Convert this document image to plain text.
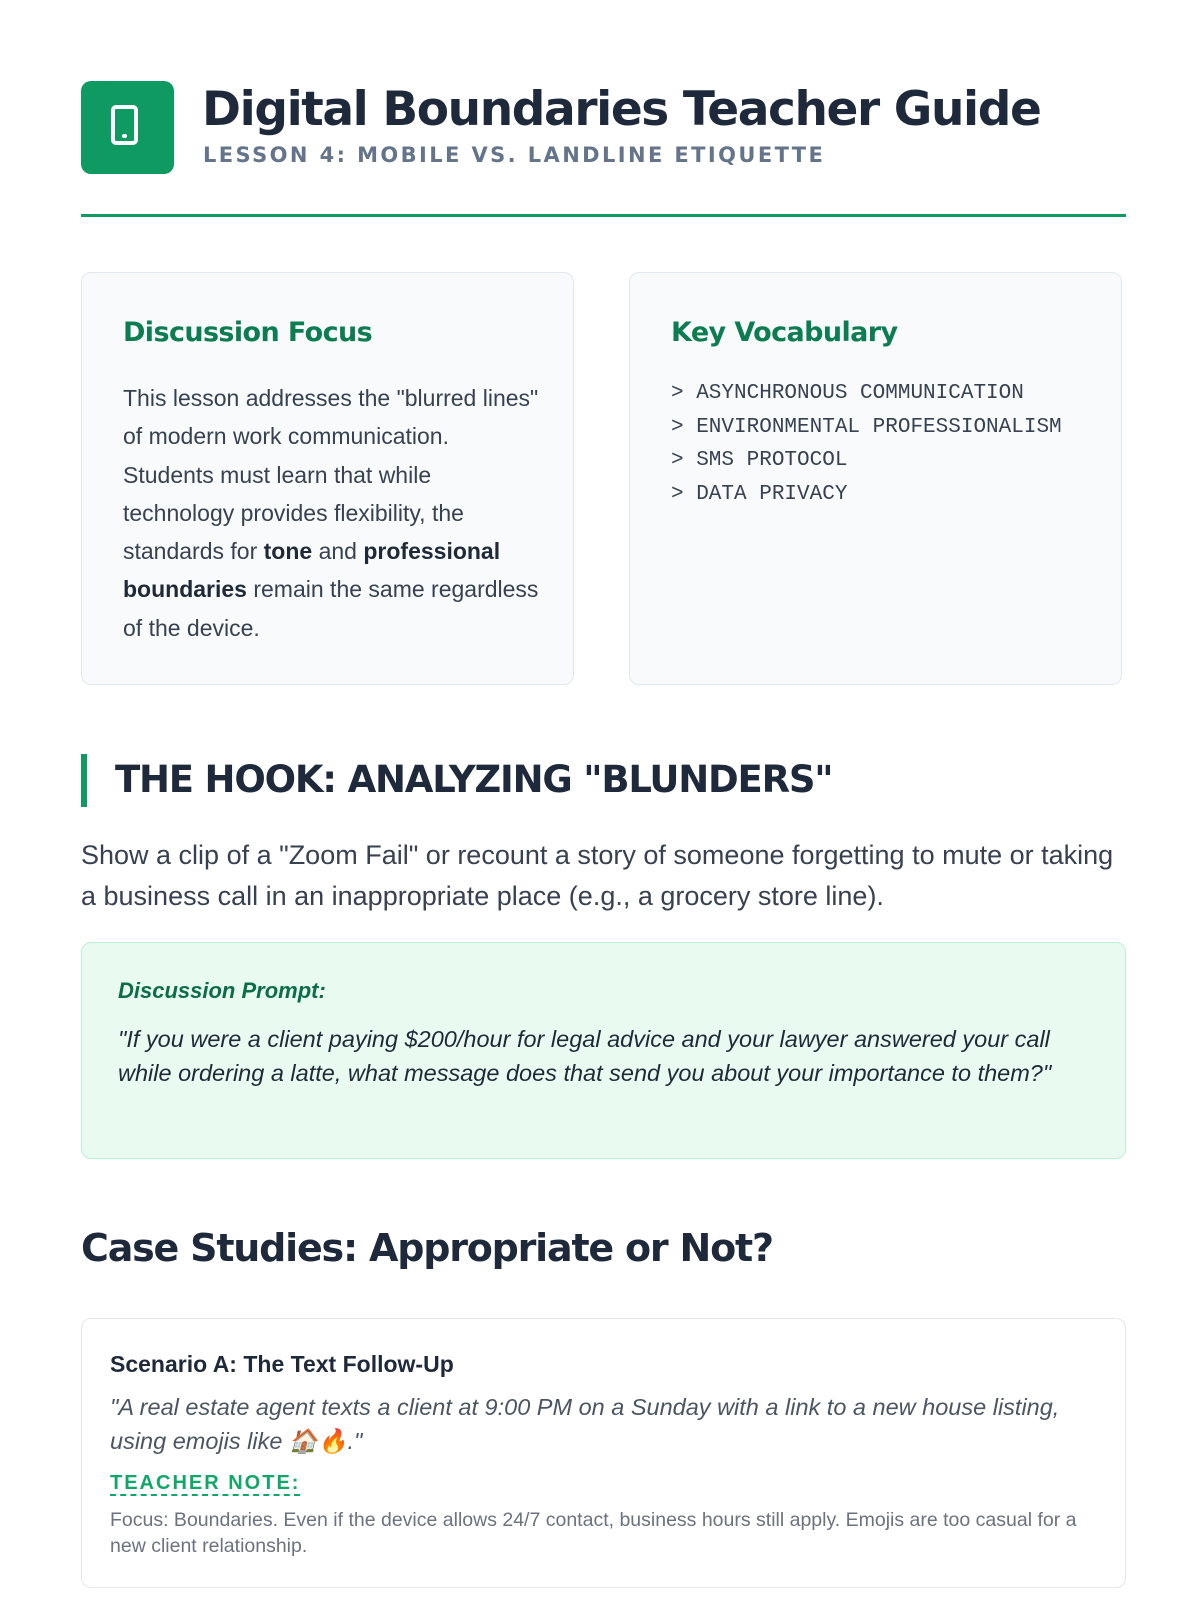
Digital Boundaries Teacher Guide
LESSON 4: MOBILE VS. LANDLINE ETIQUETTE
Discussion Focus

This lesson addresses the "blurred lines" of modern work communication. Students must learn that while technology provides flexibility, the standards for tone and professional boundaries remain the same regardless of the device.

Key Vocabulary
> ASYNCHRONOUS COMMUNICATION
> ENVIRONMENTAL PROFESSIONALISM
> SMS PROTOCOL
> DATA PRIVACY
THE HOOK: ANALYZING "BLUNDERS"

Show a clip of a "Zoom Fail" or recount a story of someone forgetting to mute or taking a business call in an inappropriate place (e.g., a grocery store line).

Discussion Prompt:

"If you were a client paying $200/hour for legal advice and your lawyer answered your call while ordering a latte, what message does that send you about your importance to them?"

Case Studies: Appropriate or Not?
Scenario A: The Text Follow-Up

"A real estate agent texts a client at 9:00 PM on a Sunday with a link to a new house listing, using emojis like 🏠🔥."

TEACHER NOTE:

Focus: Boundaries. Even if the device allows 24/7 contact, business hours still apply. Emojis are too casual for a new client relationship.
